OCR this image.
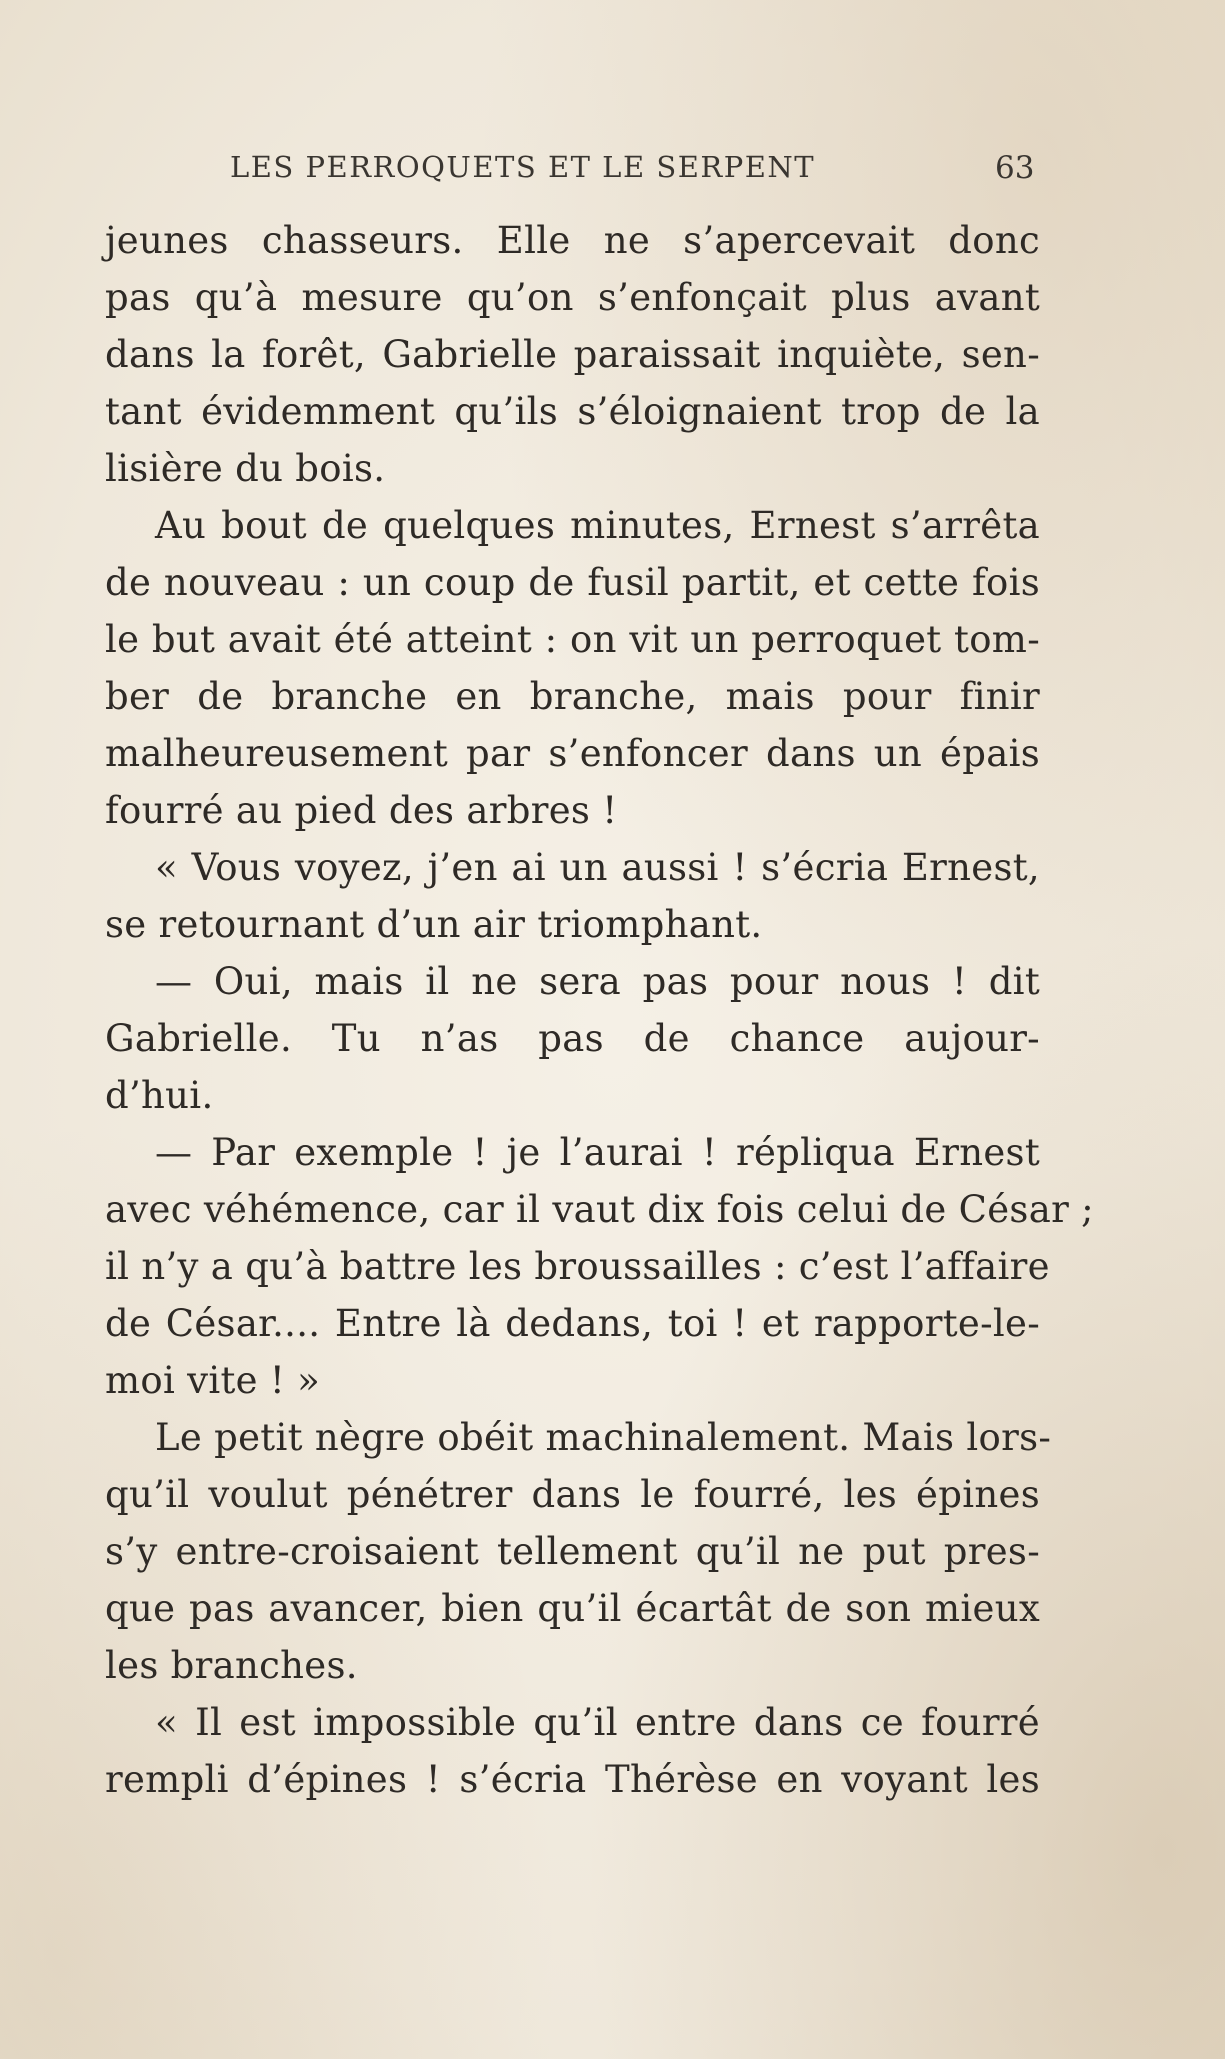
LES PERROQUETS ET LE SERPENT	63
jeunes chasseurs. Elle ne s’apercevait donc
pas qu’à mesure qu’on s’enfonçait plus avant
dans la forêt, Gabrielle paraissait inquiète, sen-
tant évidemment qu’ils s’éloignaient trop de la
lisière du bois.
Au bout de quelques minutes, Ernest s’arrêta
de nouveau : un coup de fusil partit, et cette fois
le but avait été atteint : on vit un perroquet tom-
ber de branche en branche, mais pour finir
malheureusement par s’enfoncer dans un épais
fourré au pied des arbres !
« Vous voyez, j’en ai un aussi ! s’écria Ernest,
se retournant d’un air triomphant.
— Oui, mais il ne sera pas pour nous ! dit
Gabrielle. Tu n’as pas de chance aujour-
d’hui.
— Par exemple ! je l’aurai ! répliqua Ernest
avec véhémence, car il vaut dix fois celui de César ;
il n’y a qu’à battre les broussailles : c’est l’affaire
de César.... Entre là dedans, toi ! et rapporte-le-
moi vite ! »
Le petit nègre obéit machinalement. Mais lors-
qu’il voulut pénétrer dans le fourré, les épines
s’y entre-croisaient tellement qu’il ne put pres-
que pas avancer, bien qu’il écartât de son mieux
les branches.
« Il est impossible qu’il entre dans ce fourré
rempli d’épines ! s’écria Thérèse en voyant les
